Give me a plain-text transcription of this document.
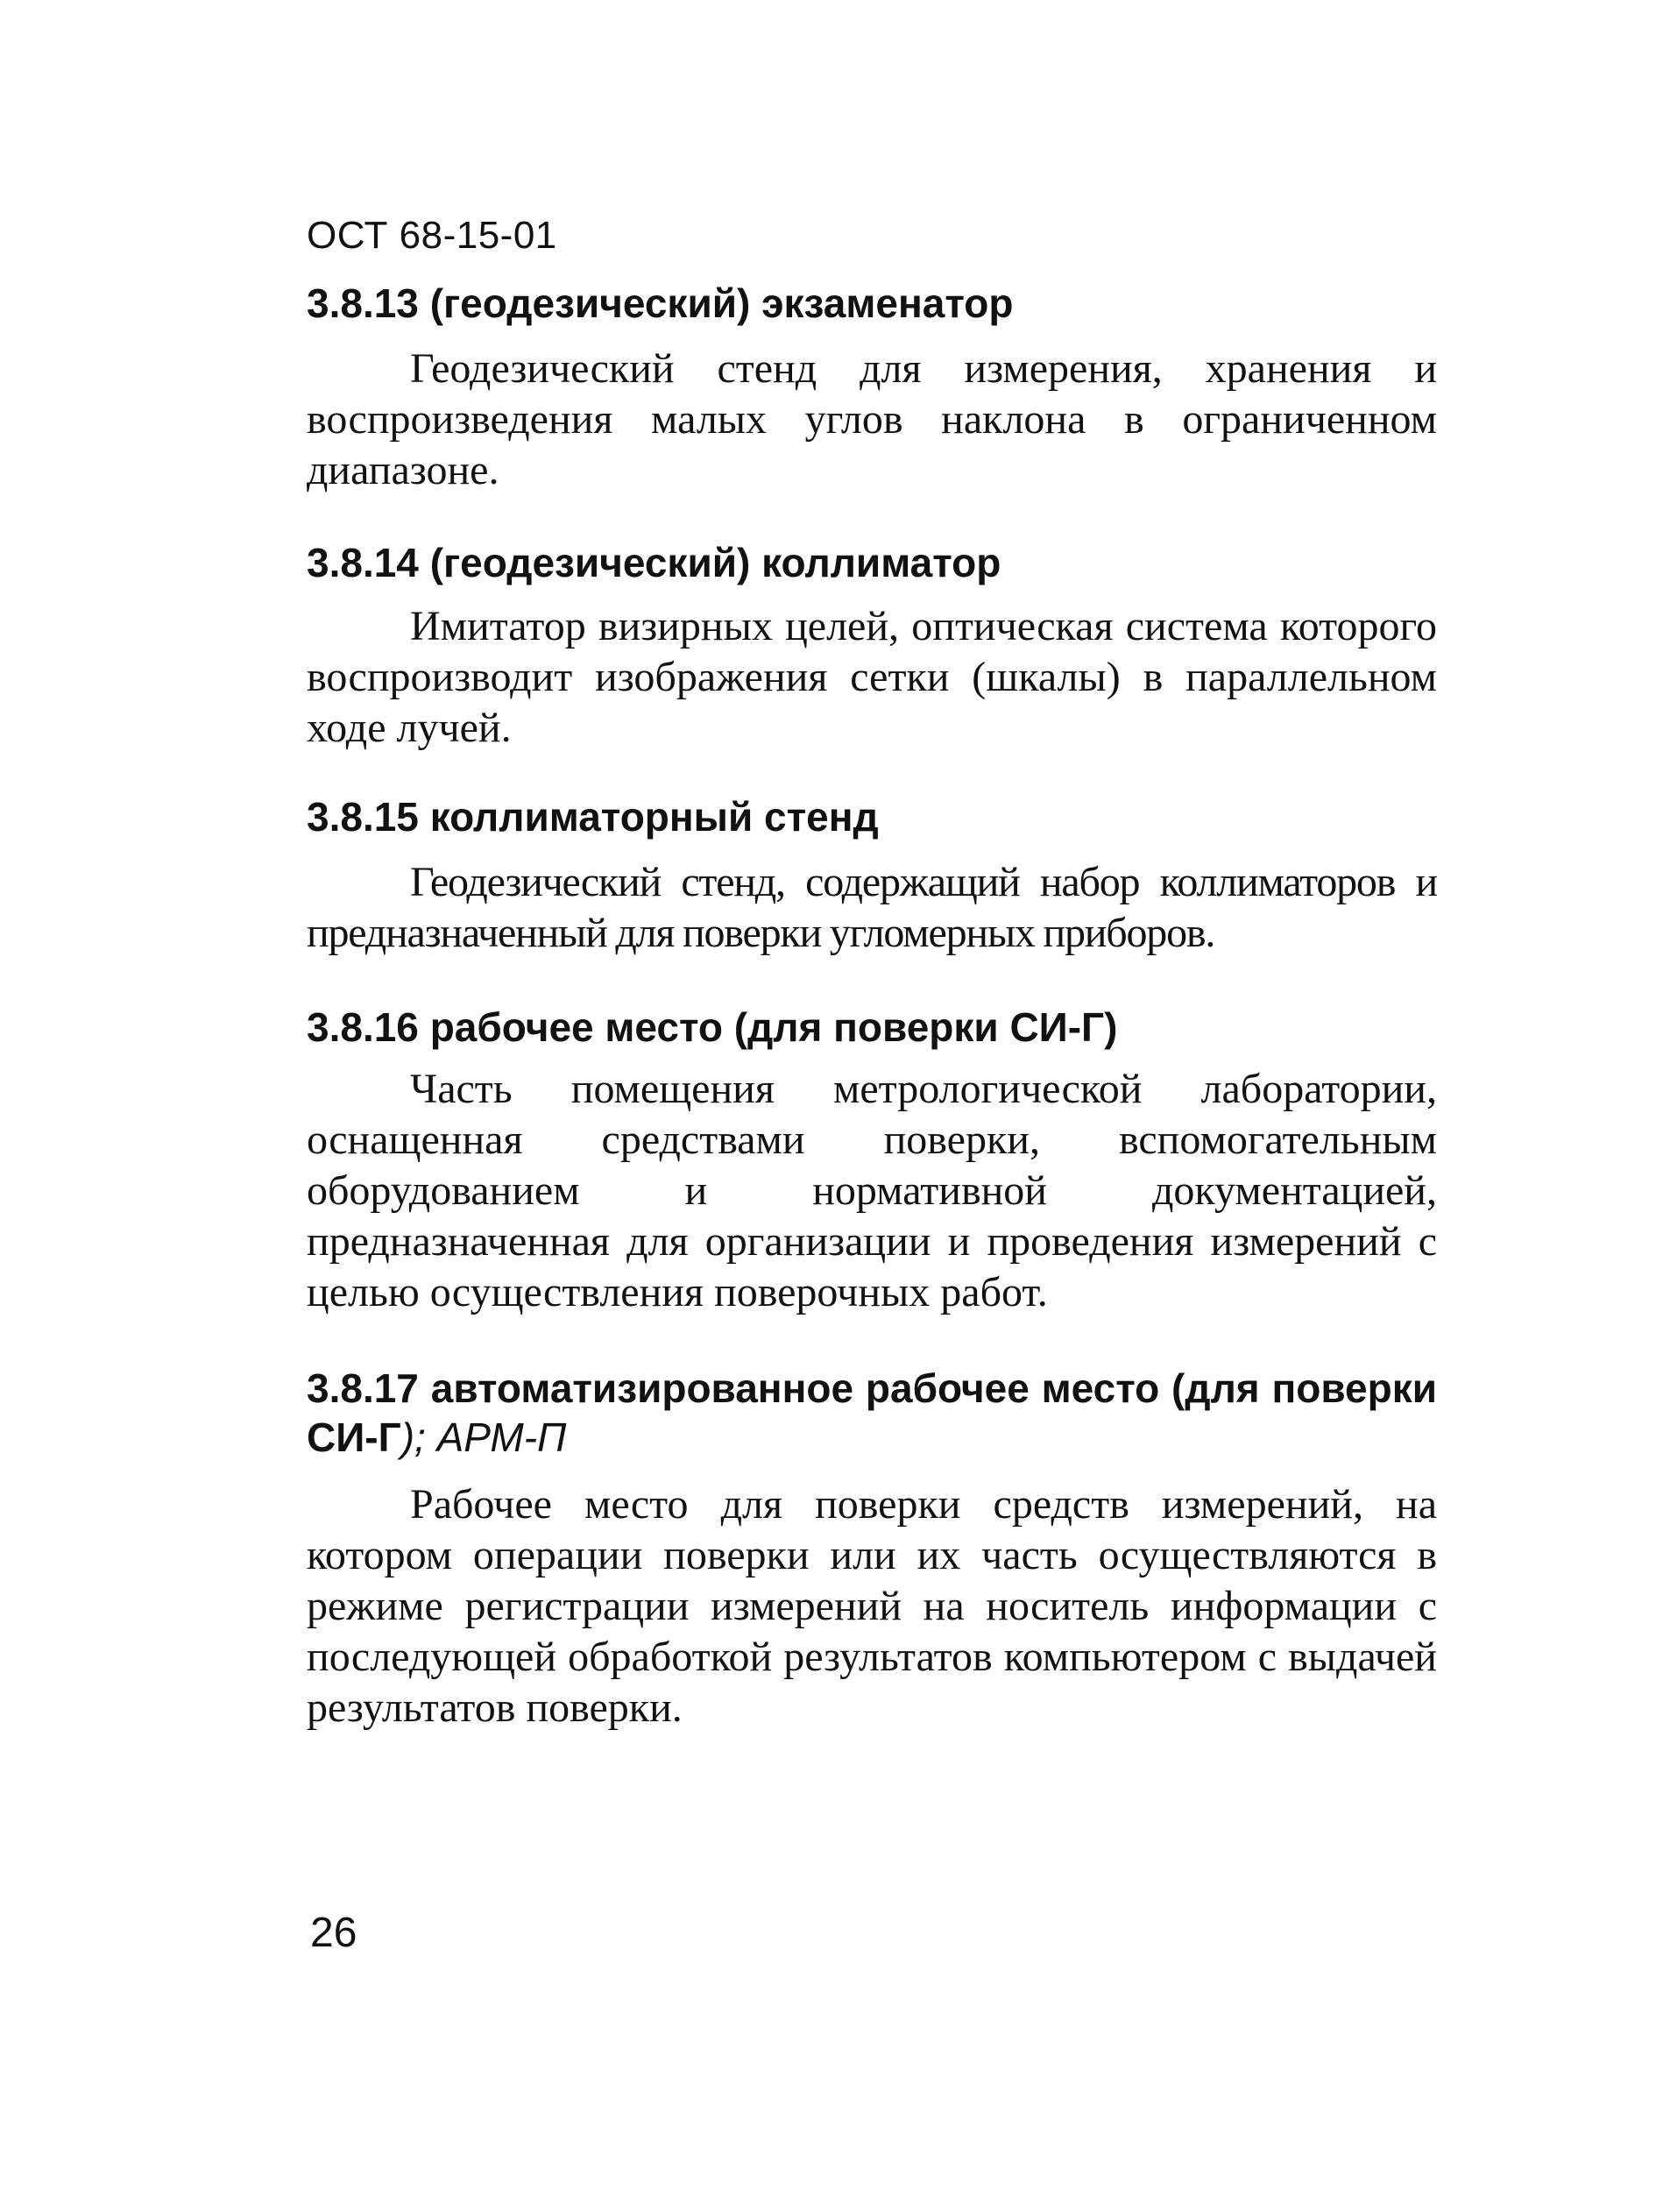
ОСТ 68-15-01
3.8.13 (геодезический) экзаменатор

Геодезический стенд для измерения, хранения и воспроизведения малых углов наклона в ограниченном диапазоне.

3.8.14 (геодезический) коллиматор

Имитатор визирных целей, оптическая система которого воспроизводит изображения сетки (шкалы) в параллельном ходе лучей.

3.8.15 коллиматорный стенд

Геодезический стенд, содержащий набор коллиматоров и предназначенный для поверки угломерных приборов.

3.8.16 рабочее место (для поверки СИ-Г)

Часть помещения метрологической лаборатории, оснащенная средствами поверки, вспомогательным оборудованием и нормативной документацией, предназначенная для организации и проведения измерений с целью осуществления поверочных работ.

3.8.17 автоматизированное рабочее место (для поверки СИ-Г); АРМ-П

Рабочее место для поверки средств измерений, на котором операции поверки или их часть осуществляются в режиме регистрации измерений на носитель информации с последующей обработкой результатов компьютером с выдачей результатов поверки.

26
